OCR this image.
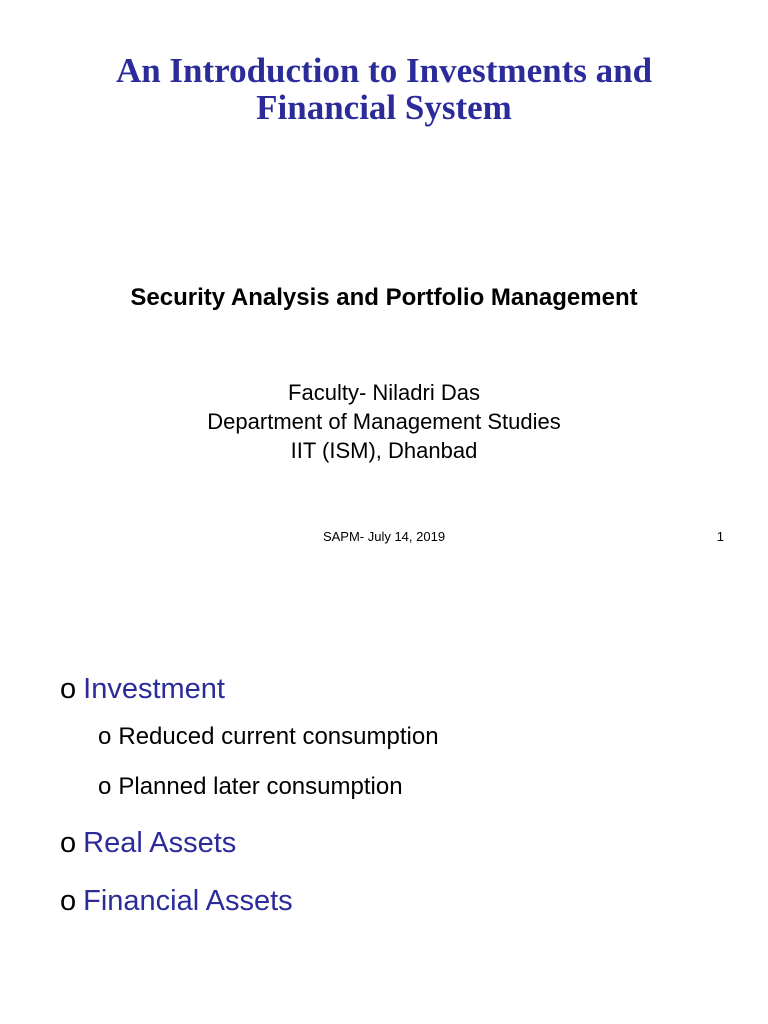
An Introduction to Investments and
Financial System
Security Analysis and Portfolio Management
Faculty- Niladri Das
Department of Management Studies
IIT (ISM), Dhanbad
SAPM- July 14, 2019	1
o Investment
o Reduced current consumption
o Planned later consumption
o Real Assets
o Financial Assets
